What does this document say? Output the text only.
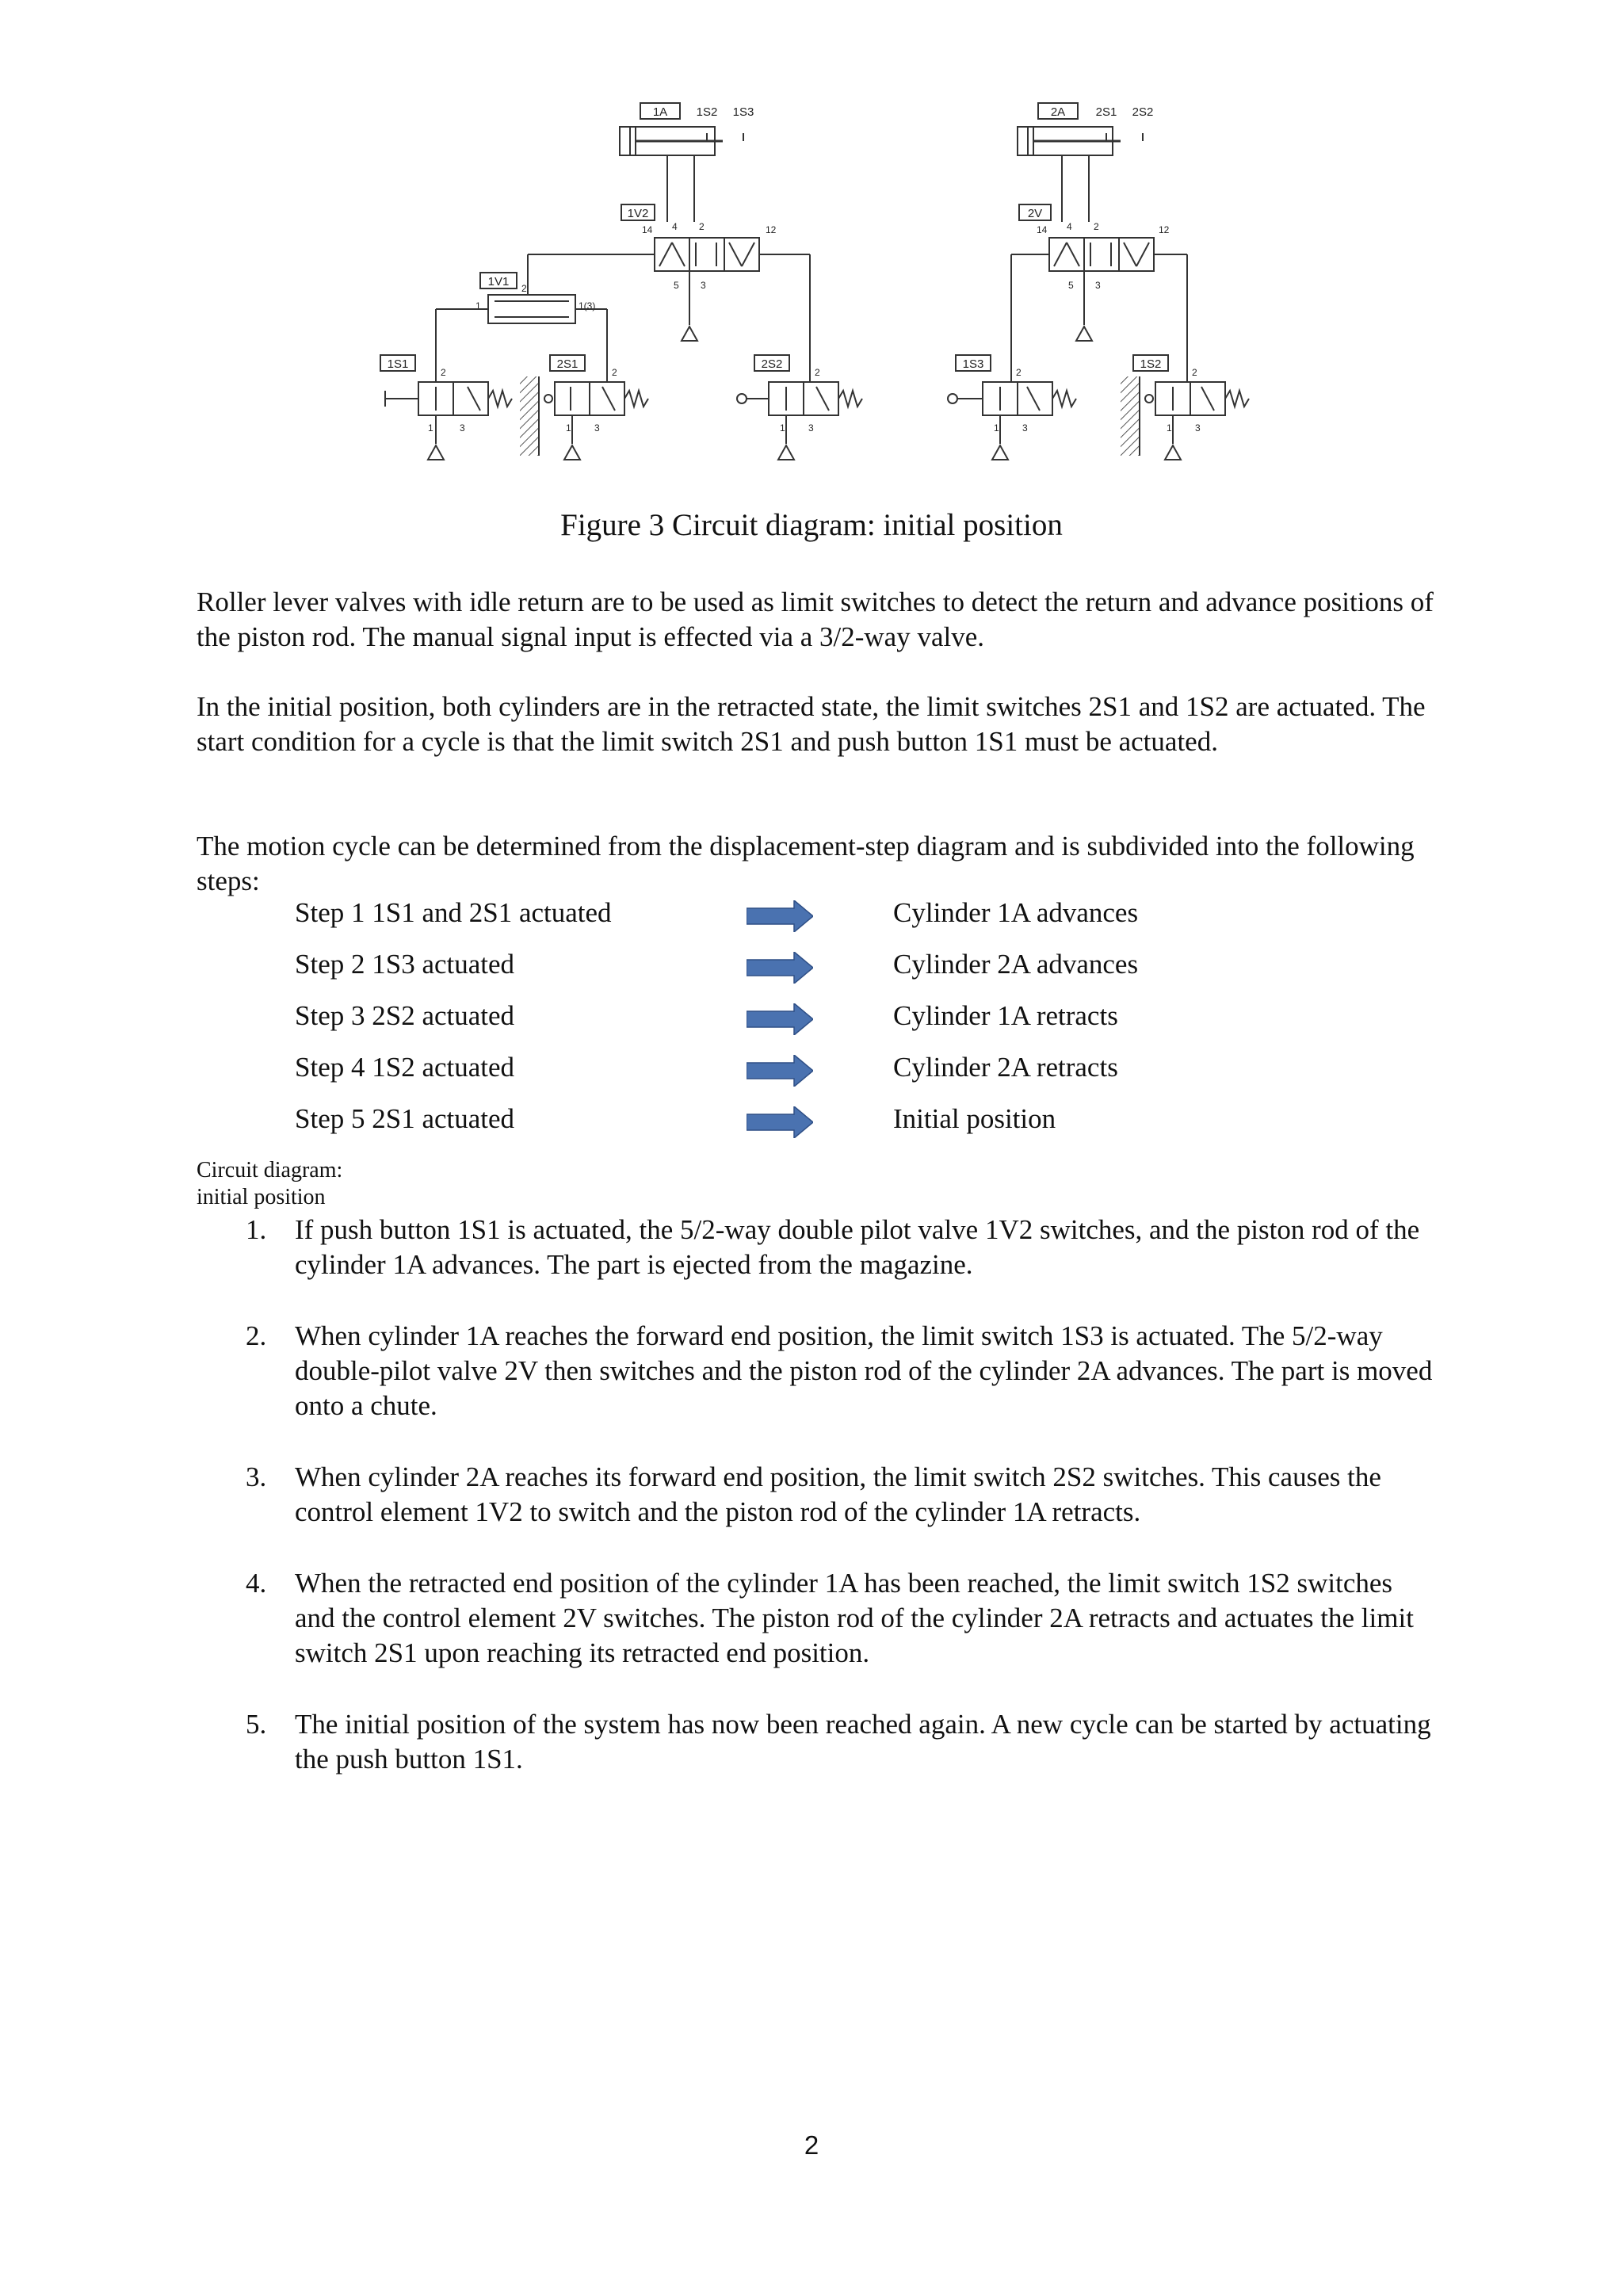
1A 1S2 1S3
1V2
14	12
4 2
5 3
1V1 2
1	1(3)
1S1
2
1	3
2S1
2
1 3
2S2
2
1 3
2A	2S1 2S2
2V
14	12
4 2
5 3
1S3
2
1 3
1S2
2
1 3
Figure 3 Circuit diagram: initial position

Roller lever valves with idle return are to be used as limit switches to detect the return and advance positions of the piston rod. The manual signal input is effected via a 3/2-way valve.

In the initial position, both cylinders are in the retracted state, the limit switches 2S1 and 1S2 are actuated. The start condition for a cycle is that the limit switch 2S1 and push button 1S1 must be actuated.

The motion cycle can be determined from the displacement-step diagram and is subdivided into the following steps:

Step 1 1S1 and 2S1 actuated	Cylinder 1A advances
Step 2 1S3 actuated	Cylinder 2A advances
Step 3 2S2 actuated	Cylinder 1A retracts
Step 4 1S2 actuated	Cylinder 2A retracts
Step 5 2S1 actuated	Initial position

Circuit diagram:

initial position

1.	If push button 1S1 is actuated, the 5/2-way double pilot valve 1V2 switches, and the piston rod of the cylinder 1A advances. The part is ejected from the magazine.

2.	When cylinder 1A reaches the forward end position, the limit switch 1S3 is actuated. The 5/2-way double-pilot valve 2V then switches and the piston rod of the cylinder 2A advances. The part is moved onto a chute.

3.	When cylinder 2A reaches its forward end position, the limit switch 2S2 switches. This causes the control element 1V2 to switch and the piston rod of the cylinder 1A retracts.

4.	When the retracted end position of the cylinder 1A has been reached, the limit switch 1S2 switches and the control element 2V switches. The piston rod of the cylinder 2A retracts and actuates the limit switch 2S1 upon reaching its retracted end position.

5.	The initial position of the system has now been reached again. A new cycle can be started by actuating the push button 1S1.

2
